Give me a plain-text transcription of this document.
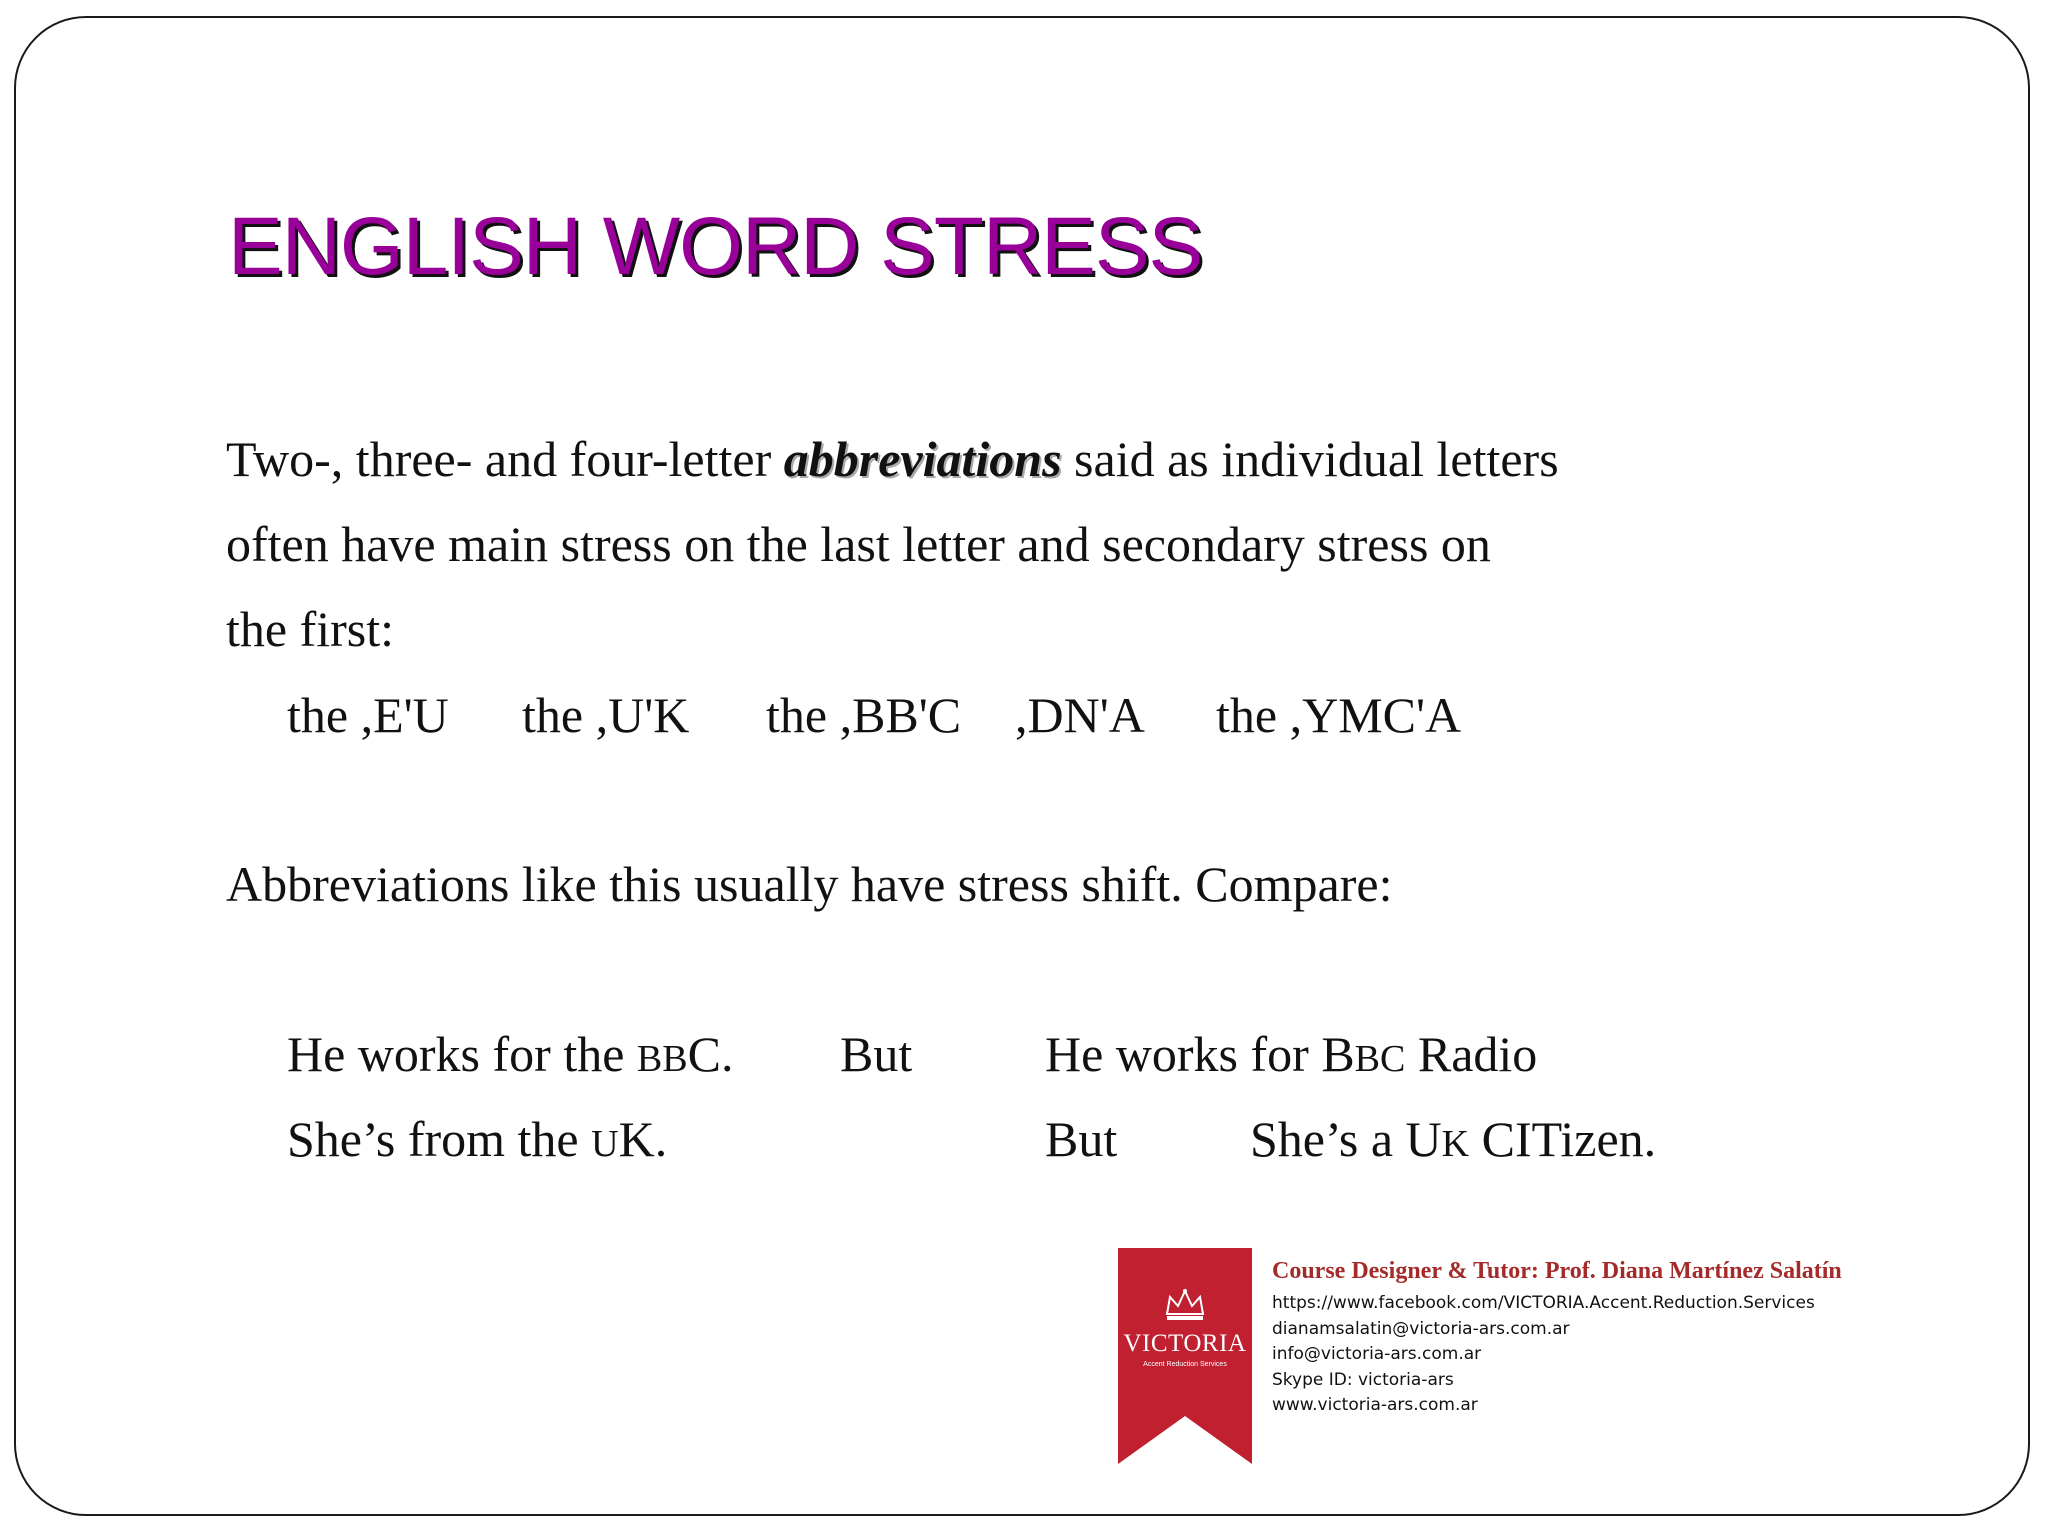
ENGLISH WORD STRESS
Two-, three- and four-letter abbreviations said as individual letters
often have main stress on the last letter and secondary stress on
the first:
the ,E'U the ,U'K the ,BB'C ,DN'A the ,YMC'A
Abbreviations like this usually have stress shift. Compare:
He works for the BBC. But	He works for BBC Radio
She’s from the UK.	But	She’s a UK CITizen.
VICTORIA
Accent Reduction Services
Course Designer & Tutor: Prof. Diana Martínez Salatín
https://www.facebook.com/VICTORIA.Accent.Reduction.Services
dianamsalatin@victoria-ars.com.ar
info@victoria-ars.com.ar
Skype ID: victoria-ars
www.victoria-ars.com.ar
